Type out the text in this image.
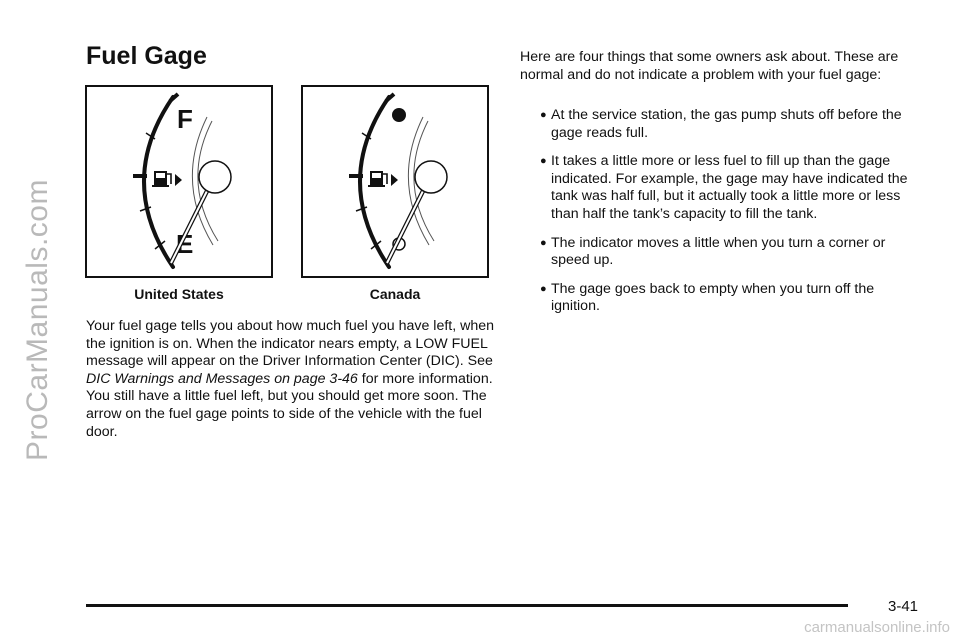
ProCarManuals.com
Fuel Gage
F
E
United States	Canada
Your fuel gage tells you about how much fuel you have left, when the ignition is on. When the indicator nears empty, a LOW FUEL message will appear on the Driver Information Center (DIC). See DIC Warnings and Messages on page 3-46 for more information. You still have a little fuel left, but you should get more soon. The arrow on the fuel gage points to side of the vehicle with the fuel door.
Here are four things that some owners ask about. These are normal and do not indicate a problem with your fuel gage:
● At the service station, the gas pump shuts off before the gage reads full.
● It takes a little more or less fuel to fill up than the gage indicated. For example, the gage may have indicated the tank was half full, but it actually took a little more or less than half the tank’s capacity to fill the tank.
● The indicator moves a little when you turn a corner or speed up.
● The gage goes back to empty when you turn off the ignition.
3-41
carmanualsonline.info
